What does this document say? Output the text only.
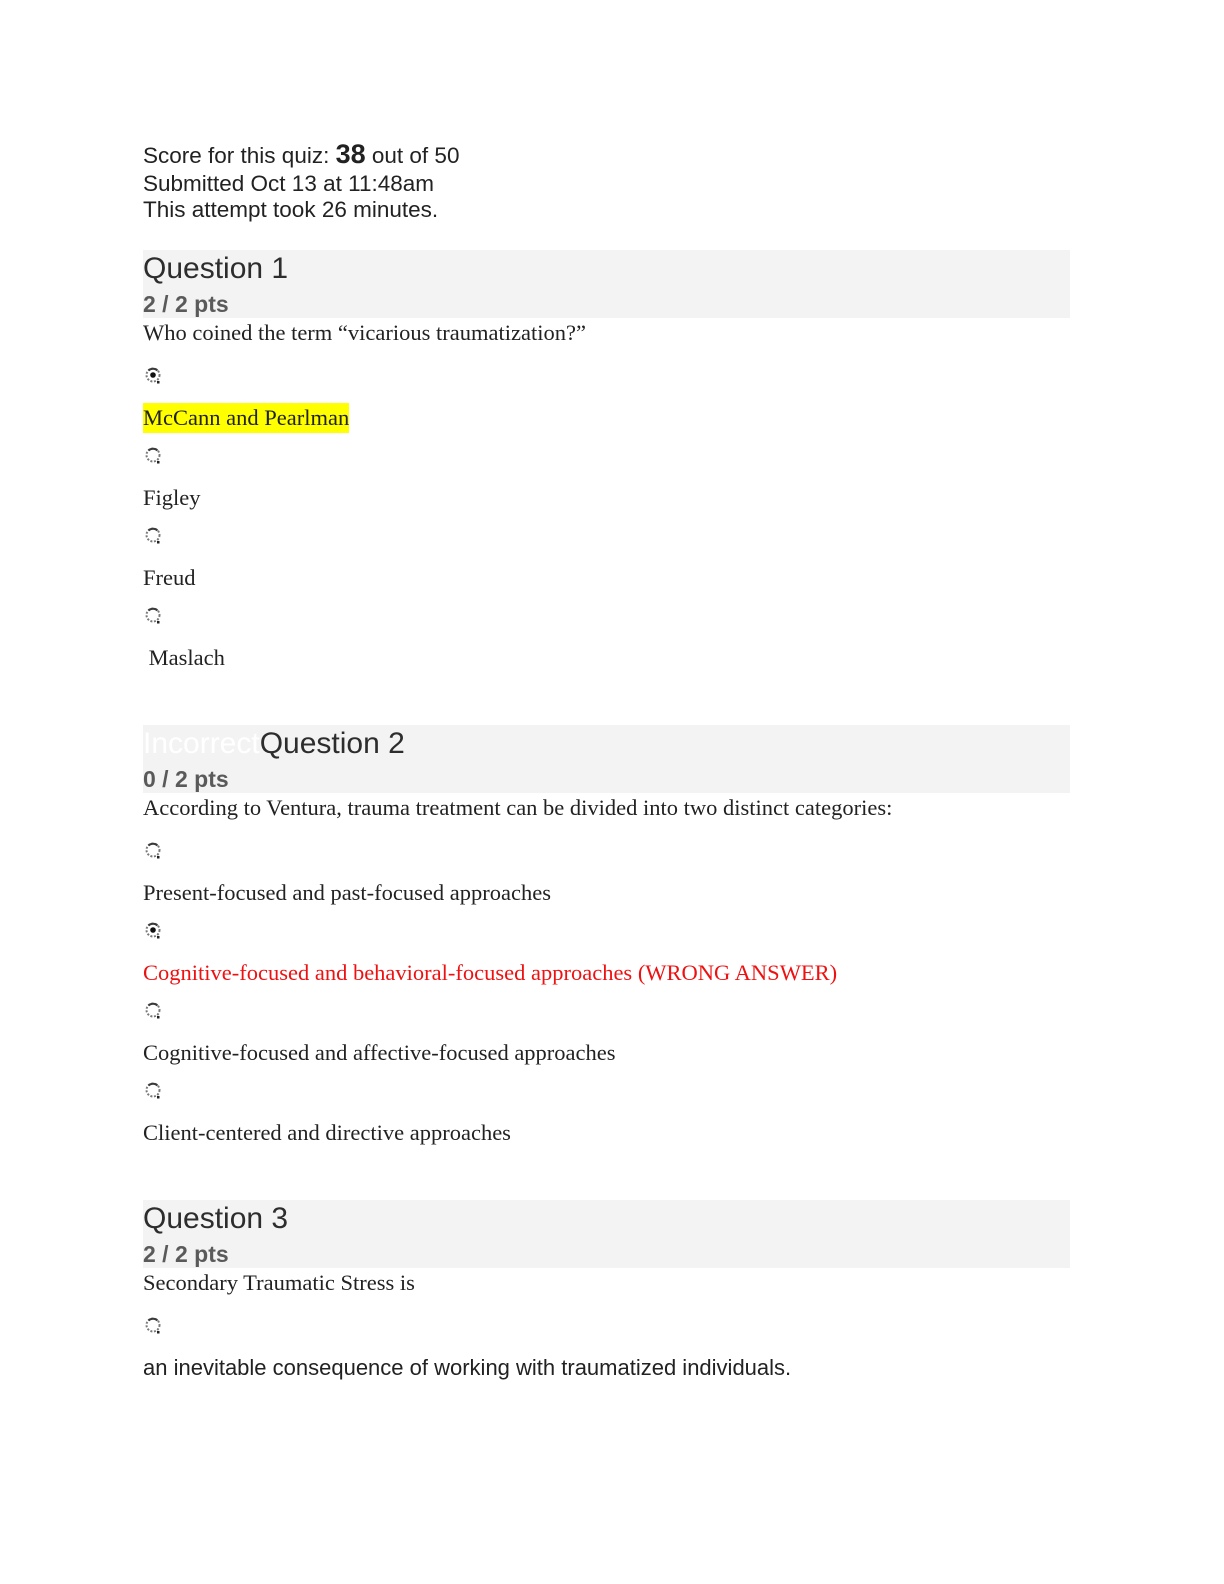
Score for this quiz: 38 out of 50
Submitted Oct 13 at 11:48am
This attempt took 26 minutes.
Question 1
2 / 2 pts
Who coined the term “vicarious traumatization?”
McCann and Pearlman
Figley
Freud
Maslach
IncorrectQuestion 2
0 / 2 pts
According to Ventura, trauma treatment can be divided into two distinct categories:
Present-focused and past-focused approaches
Cognitive-focused and behavioral-focused approaches (WRONG ANSWER)
Cognitive-focused and affective-focused approaches
Client-centered and directive approaches
Question 3
2 / 2 pts
Secondary Traumatic Stress is
an inevitable consequence of working with traumatized individuals.
